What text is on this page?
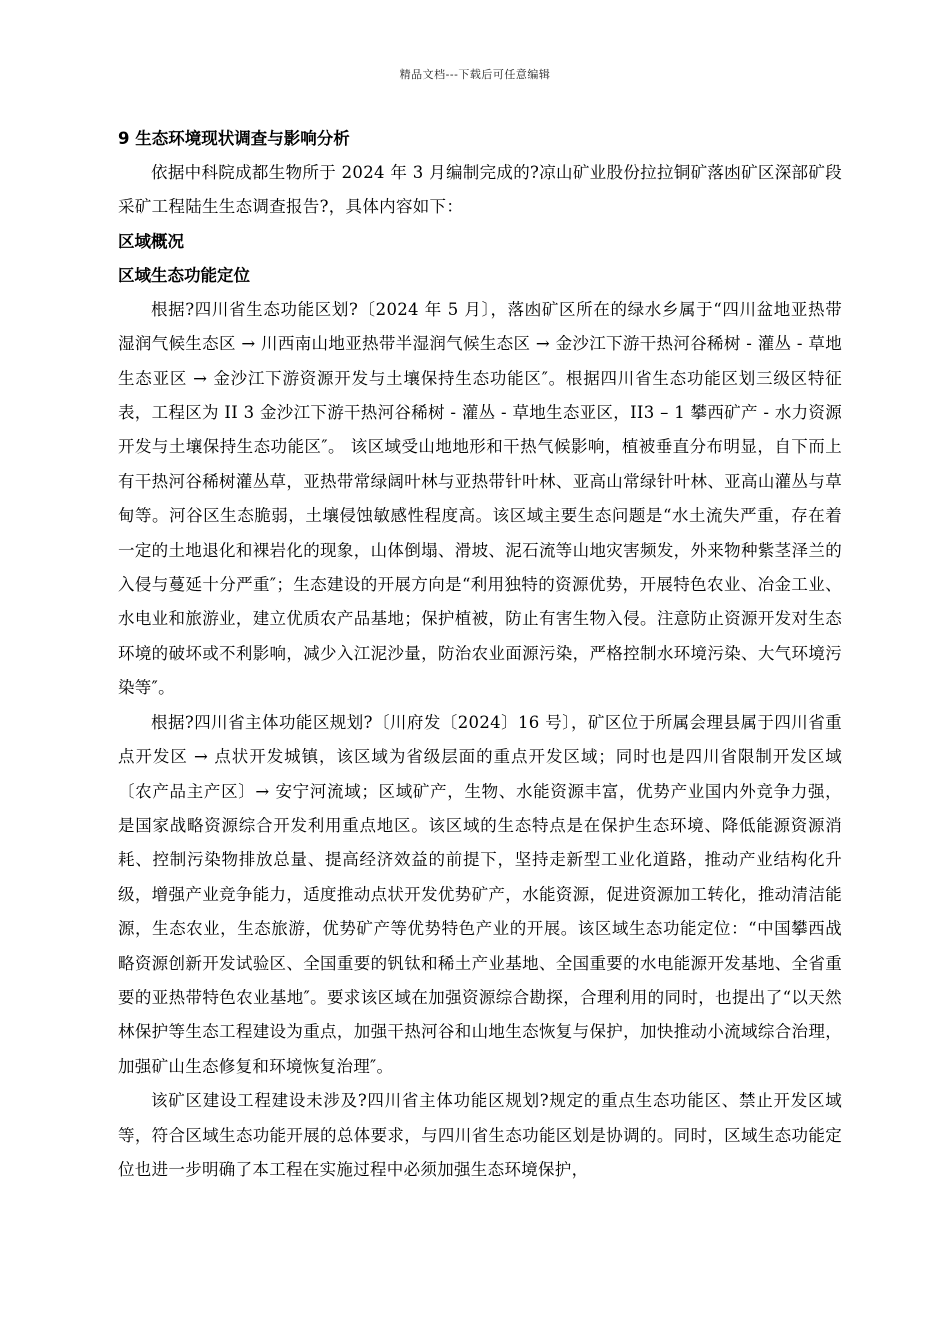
精品文档---下载后可任意编辑

9 生态环境现状调查与影响分析

依据中科院成都生物所于 2024 年 3 月编制完成的?凉山矿业股份拉拉铜矿落凼矿区深部矿段采矿工程陆生生态调查报告?，具体内容如下：

区域概况

区域生态功能定位

根据?四川省生态功能区划?〔2024 年 5 月〕，落凼矿区所在的绿水乡属于“四川盆地亚热带湿润气候生态区 → 川西南山地亚热带半湿润气候生态区 → 金沙江下游干热河谷稀树 - 灌丛 - 草地生态亚区 → 金沙江下游资源开发与土壤保持生态功能区″。根据四川省生态功能区划三级区特征表，工程区为 II 3 金沙江下游干热河谷稀树 - 灌丛 - 草地生态亚区，II3 – 1 攀西矿产 - 水力资源开发与土壤保持生态功能区″。 该区域受山地地形和干热气候影响，植被垂直分布明显，自下而上有干热河谷稀树灌丛草，亚热带常绿阔叶林与亚热带针叶林、亚高山常绿针叶林、亚高山灌丛与草甸等。河谷区生态脆弱，土壤侵蚀敏感性程度高。该区域主要生态问题是“水土流失严重，存在着一定的土地退化和裸岩化的现象，山体倒塌、滑坡、泥石流等山地灾害频发，外来物种紫茎泽兰的入侵与蔓延十分严重″；生态建设的开展方向是“利用独特的资源优势，开展特色农业、冶金工业、水电业和旅游业，建立优质农产品基地；保护植被，防止有害生物入侵。注意防止资源开发对生态环境的破坏或不利影响，减少入江泥沙量，防治农业面源污染，严格控制水环境污染、大气环境污染等″。

根据?四川省主体功能区规划?〔川府发〔2024〕16 号〕，矿区位于所属会理县属于四川省重点开发区 → 点状开发城镇，该区域为省级层面的重点开发区域；同时也是四川省限制开发区域〔农产品主产区〕→ 安宁河流域；区域矿产，生物、水能资源丰富，优势产业国内外竞争力强，是国家战略资源综合开发利用重点地区。该区域的生态特点是在保护生态环境、降低能源资源消耗、控制污染物排放总量、提高经济效益的前提下，坚持走新型工业化道路，推动产业结构化升级，增强产业竞争能力，适度推动点状开发优势矿产，水能资源，促进资源加工转化，推动清洁能源，生态农业，生态旅游，优势矿产等优势特色产业的开展。该区域生态功能定位：“中国攀西战略资源创新开发试验区、全国重要的钒钛和稀土产业基地、全国重要的水电能源开发基地、全省重要的亚热带特色农业基地″。要求该区域在加强资源综合勘探，合理利用的同时，也提出了“以天然林保护等生态工程建设为重点，加强干热河谷和山地生态恢复与保护，加快推动小流域综合治理，加强矿山生态修复和环境恢复治理″。

该矿区建设工程建设未涉及?四川省主体功能区规划?规定的重点生态功能区、禁止开发区域等，符合区域生态功能开展的总体要求，与四川省生态功能区划是协调的。同时，区域生态功能定位也进一步明确了本工程在实施过程中必须加强生态环境保护，
